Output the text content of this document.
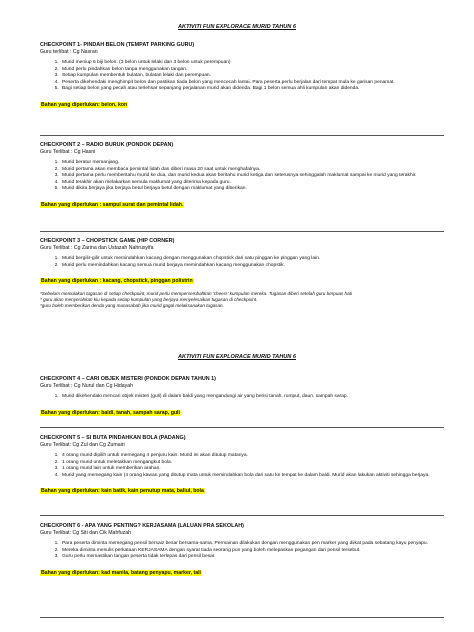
AKTIVITI FUN EXPLORACE MURID TAHUN 6
CHECKPOINT 1- PINDAH BELON (TEMPAT PARKING GURU)
Guru terlibat : Cg Nasran
1. Murid meniup 6 biji belon. (3 belon untuk lelaki dan 3 belon untuk perempuan)
2. Murid perlu pindahkan belon tanpa menggunakan tangan.
3. Setiap kumpulan membentuk bulatan, bulatan lelaki dan perempuan.
4. Peserta dikehendaki menghimpit belon dan pastikan tiada belon yang mencecah lantai. Para peserta perlu berjalan dari tempat mula ke garisan penamat.
5. Bagi setiap belon yang pecah atau terlehsar sepanjang perjalanan murid akan didenda. Bagi 1 belon semua ahli kumpulan akan didenda.
Bahan yang diperlukan: belon, kon
CHECKPOINT 2 – RADIO BURUK (PONDOK DEPAN)
Guru Terlibat : Cg Hasni
1. Murid beratur memanjang.
2. Murid pertama akan membaca pemintal lidah dan diberi masa 20 saat untuk menghafalnya.
3. Murid pertama perlu memberitahu murid ke dua, dan murid kedua akan beritahu murid ketiga dan seterusnya sehinggalah maklumat sampai ke murid yang terakhir.
4. Murid terakhir akan melakarkan semula maklumat yang diterima kepada guru.
5. Murid dikira berjaya jika berjaya betul berjaya betul dengan maklumat yang diberikan.
Bahan yang diperlukan : sampul surat dan pemintal lidah.
CHECKPOINT 3 – CHOPSTICK GAME (HIP CORNER)
Guru Terlibat : Cg Zarina dan Ustazah Nahrusyifa
1. Murid bergilir-gilir untuk memindahkan kacang dengan menggunakan chopstick dari satu pinggan ke pinggan yang lain.
2. Murid perlu memindahkan kacang semua murid berjaya memindahkan kacang menggunakan chopstik.
Bahan yang diperlukan : kacang, chopstick, pinggan polistrin
*Sebelum memulakan tugasan di setiap checkpoint, murid perlu mempersembahkan 'cheers' kumpulan mereka. Tugasan diberi setelah guru berpuas hati
* guru akan menyerahkan kiu kepada setiap kumpulan yang berjaya menyelesaikan tugasan di checkpoint.
*guru boleh memberikan denda yang munasabah jika murid gagal melaksanakan tugasan.
AKTIVITI FUN EXPLORACE MURID TAHUN 6
CHECKPOINT 4 – CARI OBJEK MISTERI (PONDOK DEPAN TAHUN 1)
Guru Terlibat : Cg Nurul dan Cg Hidayah
1. Murid dikehendaki mencari objek misteri (guli) di dalam baldi yang mengandungi air yang berisi tanah, rumput, daun, sampah sarap.
Bahan yang diperlukan: baldi, tanah, sampah sarap, guli
CHECKPOINT 5 – SI BUTA PINDAHKAN BOLA (PADANG)
Guru Terlibat: Cg Zul dan Cg Zumairi
1. 4 orang murid dipilih untuk memegang 4 penjuru kain. Murid ini akan ditutup matanya.
2. 1 orang murid untuk meletakkan mengangkut bola.
3. 1 orang murid lain untuk memberikan arahan.
4. Murid yang memegang kain (4 orang kawan yang ditutup mata untuk memindahkan bola dari satu ke tempat ke dalam baldi. Murid akan lakukan aktiviti sehingga berjaya.
Bahan yang diperlukan: kain batik, kain penutup mata, baliul, bola
CHECKPOINT 6 - APA YANG PENTING? KERJASAMA (LALUAN PRA SEKOLAH)
Guru Terlibat: Cg Siti dan Cik Mahfuzah
1. Para peserta diminta memegang pensil bersaiz besar bersama-sama. Permainan dilakukan dengan menggunakan pen marker yang diikat pada sebatang kayu penyapu.
2. Mereka diminta menulis perkataan KERJASAMA dengan syarat tiada seorang pun yang boleh melepaskan pegangan dari pensil tersebut.
3. Guru perlu memastikan tangan peserta tidak terlepas dari pensil besar.
Bahan yang diperlukan: kad manila, batang penyapu, marker, tali
